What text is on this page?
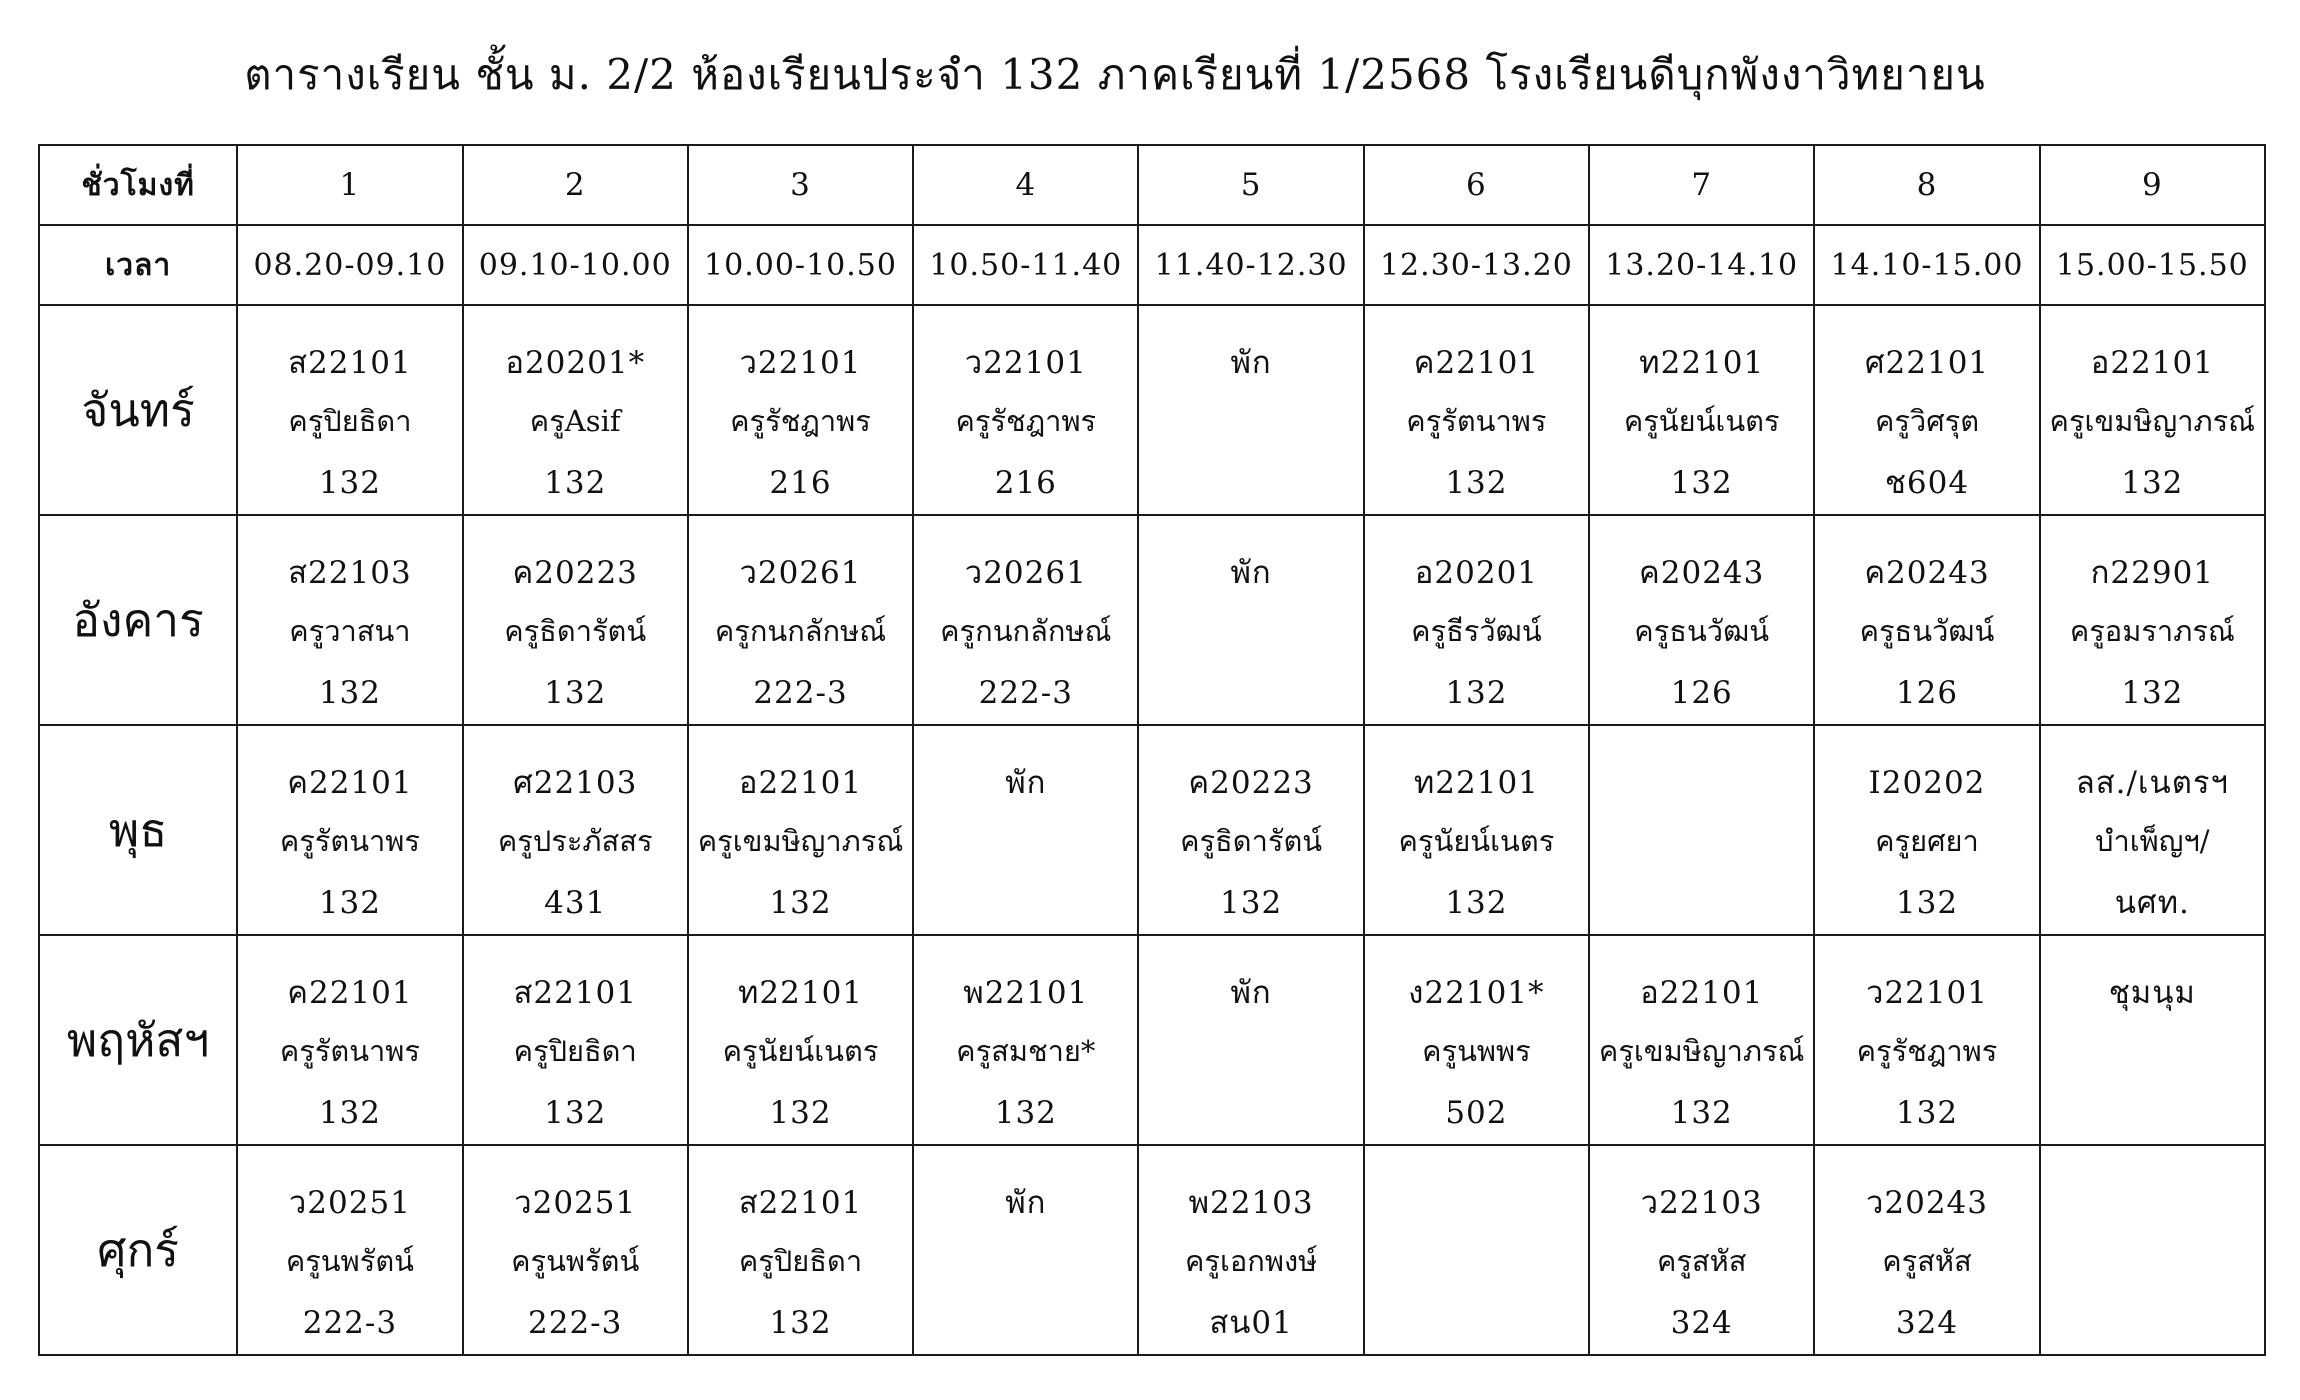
ตารางเรียน ชั้น ม. 2/2 ห้องเรียนประจำ 132 ภาคเรียนที่ 1/2568 โรงเรียนดีบุกพังงาวิทยายน
ชั่วโมงที่	1	2	3	4	5	6	7	8	9
เวลา	08.20-09.10	09.10-10.00	10.00-10.50	10.50-11.40	11.40-12.30	12.30-13.20	13.20-14.10	14.10-15.00	15.00-15.50
จันทร์	ส22101
ครูปิยธิดา
132	อ20201*
ครูAsif
132	ว22101
ครูรัชฎาพร
216	ว22101
ครูรัชฎาพร
216	พัก	ค22101
ครูรัตนาพร
132	ท22101
ครูนัยน์เนตร
132	ศ22101
ครูวิศรุต
ช604	อ22101
ครูเขมษิญาภรณ์
132

อังคาร	ส22103
ครูวาสนา
132	ค20223
ครูธิดารัตน์
132	ว20261
ครูกนกลักษณ์
222-3	ว20261
ครูกนกลักษณ์
222-3	พัก	อ20201
ครูธีรวัฒน์
132	ค20243
ครูธนวัฒน์
126	ค20243
ครูธนวัฒน์
126	ก22901
ครูอมราภรณ์
132

พุธ	ค22101
ครูรัตนาพร
132	ศ22103
ครูประภัสสร
431	อ22101
ครูเขมษิญาภรณ์
132	พัก	ค20223
ครูธิดารัตน์
132	ท22101
ครูนัยน์เนตร
132		I20202
ครูยศยา
132	ลส./เนตรฯ
บำเพ็ญฯ/
นศท.

พฤหัสฯ	ค22101
ครูรัตนาพร
132	ส22101
ครูปิยธิดา
132	ท22101
ครูนัยน์เนตร
132	พ22101
ครูสมชาย*
132	พัก	ง22101*
ครูนพพร
502	อ22101
ครูเขมษิญาภรณ์
132	ว22101
ครูรัชฎาพร
132	ชุมนุม

ศุกร์	ว20251
ครูนพรัตน์
222-3	ว20251
ครูนพรัตน์
222-3	ส22101
ครูปิยธิดา
132	พัก	พ22103
ครูเอกพงษ์
สน01		ว22103
ครูสหัส
324	ว20243
ครูสหัส
324	
